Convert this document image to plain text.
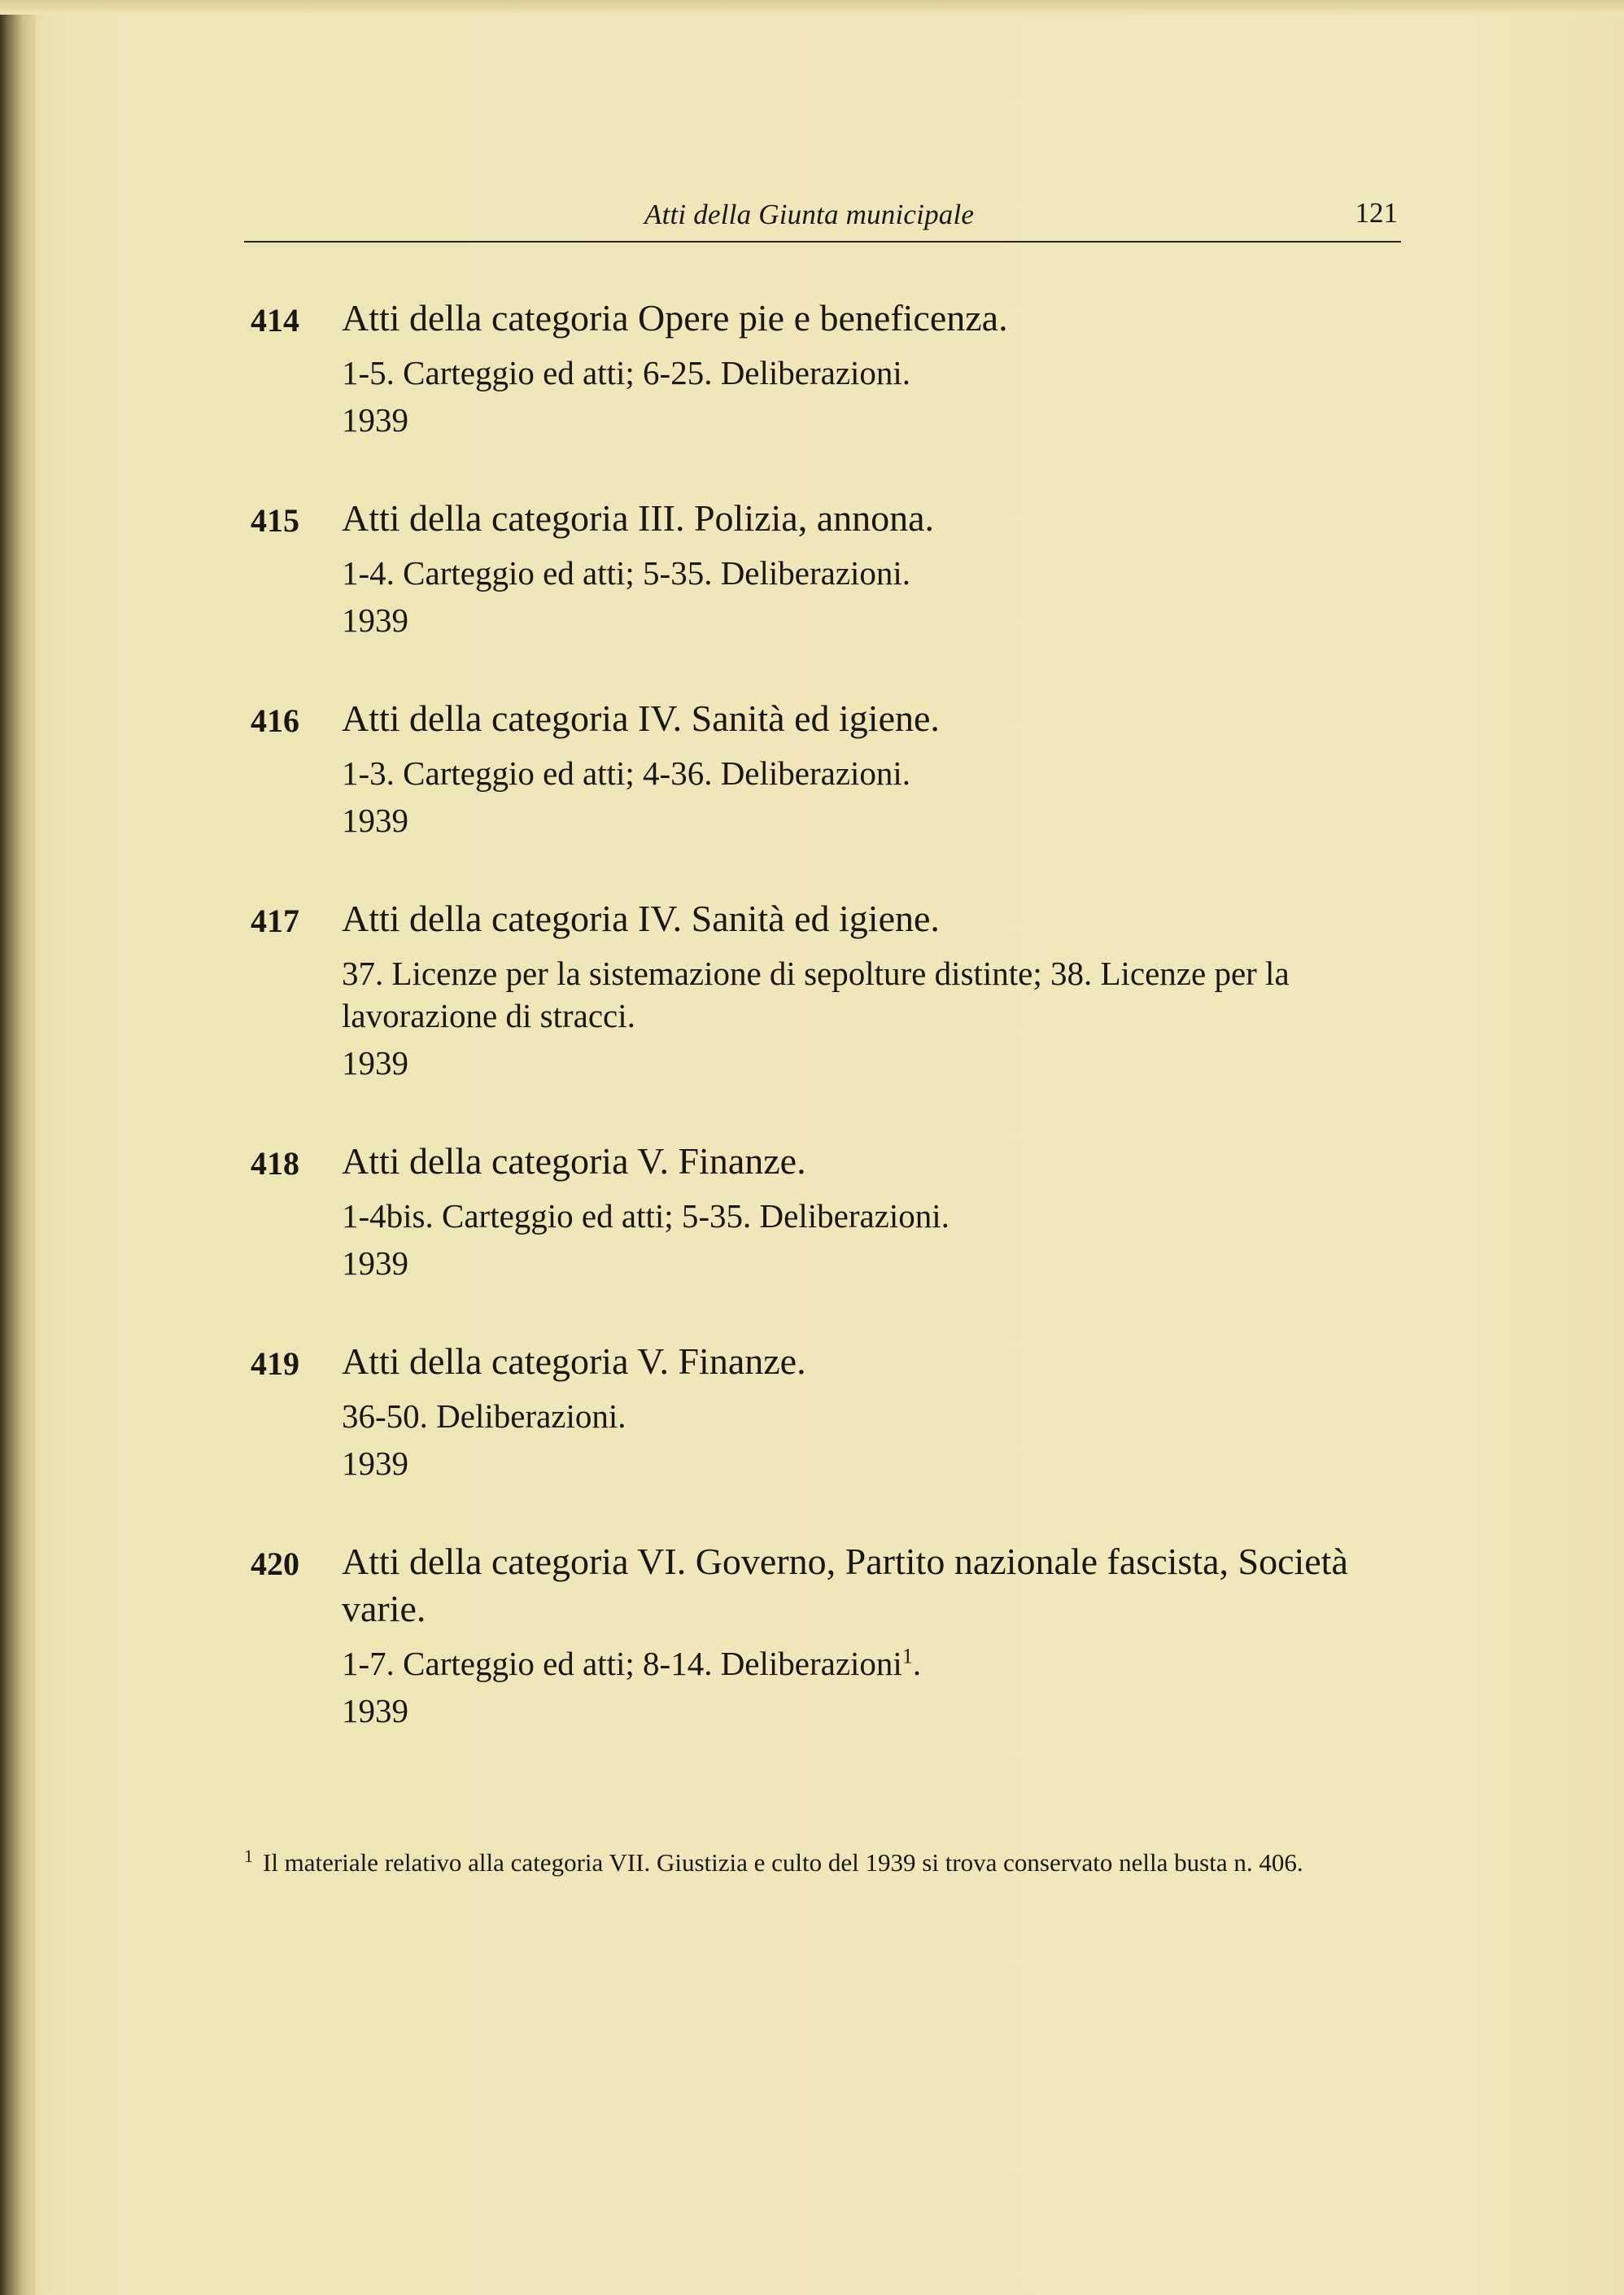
Atti della Giunta municipale	121
414 Atti della categoria Opere pie e beneficenza.

1-5. Carteggio ed atti; 6-25. Deliberazioni.

1939
415 Atti della categoria III. Polizia, annona.

1-4. Carteggio ed atti; 5-35. Deliberazioni.

1939
416 Atti della categoria IV. Sanità ed igiene.

1-3. Carteggio ed atti; 4-36. Deliberazioni.

1939
417 Atti della categoria IV. Sanità ed igiene.

37. Licenze per la sistemazione di sepolture distinte; 38. Licenze per la lavorazione di stracci.

1939
418 Atti della categoria V. Finanze.

1-4bis. Carteggio ed atti; 5-35. Deliberazioni.

1939
419 Atti della categoria V. Finanze.

36-50. Deliberazioni.

1939
420 Atti della categoria VI. Governo, Partito nazionale fascista, Società varie.

1-7. Carteggio ed atti; 8-14. Deliberazioni$^1$.

1939
$^1$ Il materiale relativo alla categoria VII. Giustizia e culto del 1939 si trova conservato nella busta n. 406.
